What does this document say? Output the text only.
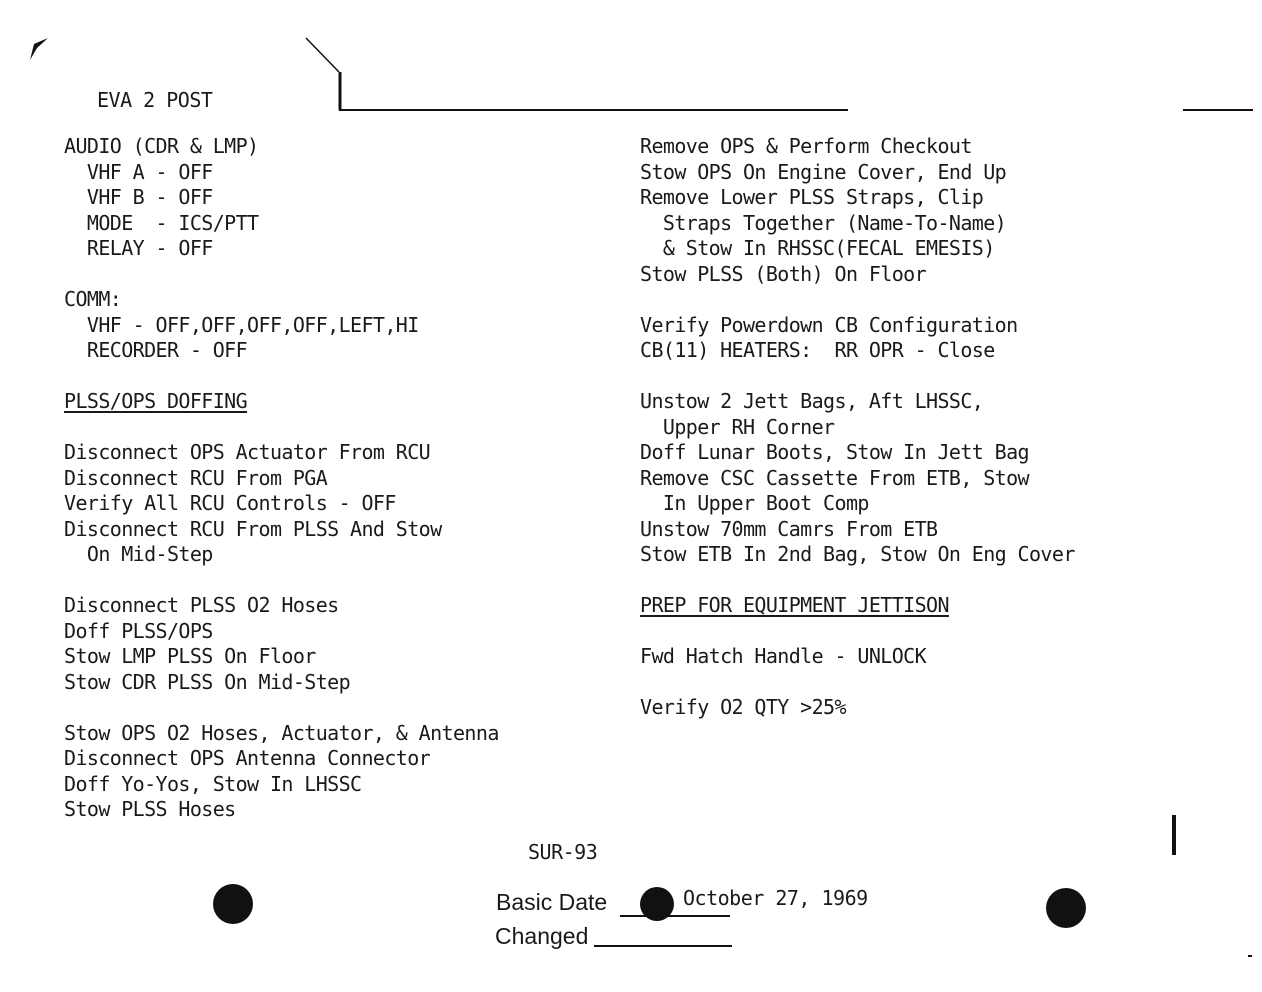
EVA 2 POST
AUDIO (CDR & LMP)
VHF A - OFF
VHF B - OFF
MODE  - ICS/PTT
RELAY - OFF
COMM:
VHF - OFF,OFF,OFF,OFF,LEFT,HI
RECORDER - OFF
PLSS/OPS DOFFING
Disconnect OPS Actuator From RCU
Disconnect RCU From PGA
Verify All RCU Controls - OFF
Disconnect RCU From PLSS And Stow
On Mid-Step
Disconnect PLSS O2 Hoses
Doff PLSS/OPS
Stow LMP PLSS On Floor
Stow CDR PLSS On Mid-Step
Stow OPS O2 Hoses, Actuator, & Antenna
Disconnect OPS Antenna Connector
Doff Yo-Yos, Stow In LHSSC
Stow PLSS Hoses
Remove OPS & Perform Checkout
Stow OPS On Engine Cover, End Up
Remove Lower PLSS Straps, Clip
Straps Together (Name-To-Name)
& Stow In RHSSC(FECAL EMESIS)
Stow PLSS (Both) On Floor
Verify Powerdown CB Configuration
CB(11) HEATERS:  RR OPR - Close
Unstow 2 Jett Bags, Aft LHSSC,
Upper RH Corner
Doff Lunar Boots, Stow In Jett Bag
Remove CSC Cassette From ETB, Stow
In Upper Boot Comp
Unstow 70mm Camrs From ETB
Stow ETB In 2nd Bag, Stow On Eng Cover
PREP FOR EQUIPMENT JETTISON
Fwd Hatch Handle - UNLOCK
Verify O2 QTY >25%
SUR-93
Basic Date	October 27, 1969
Changed
